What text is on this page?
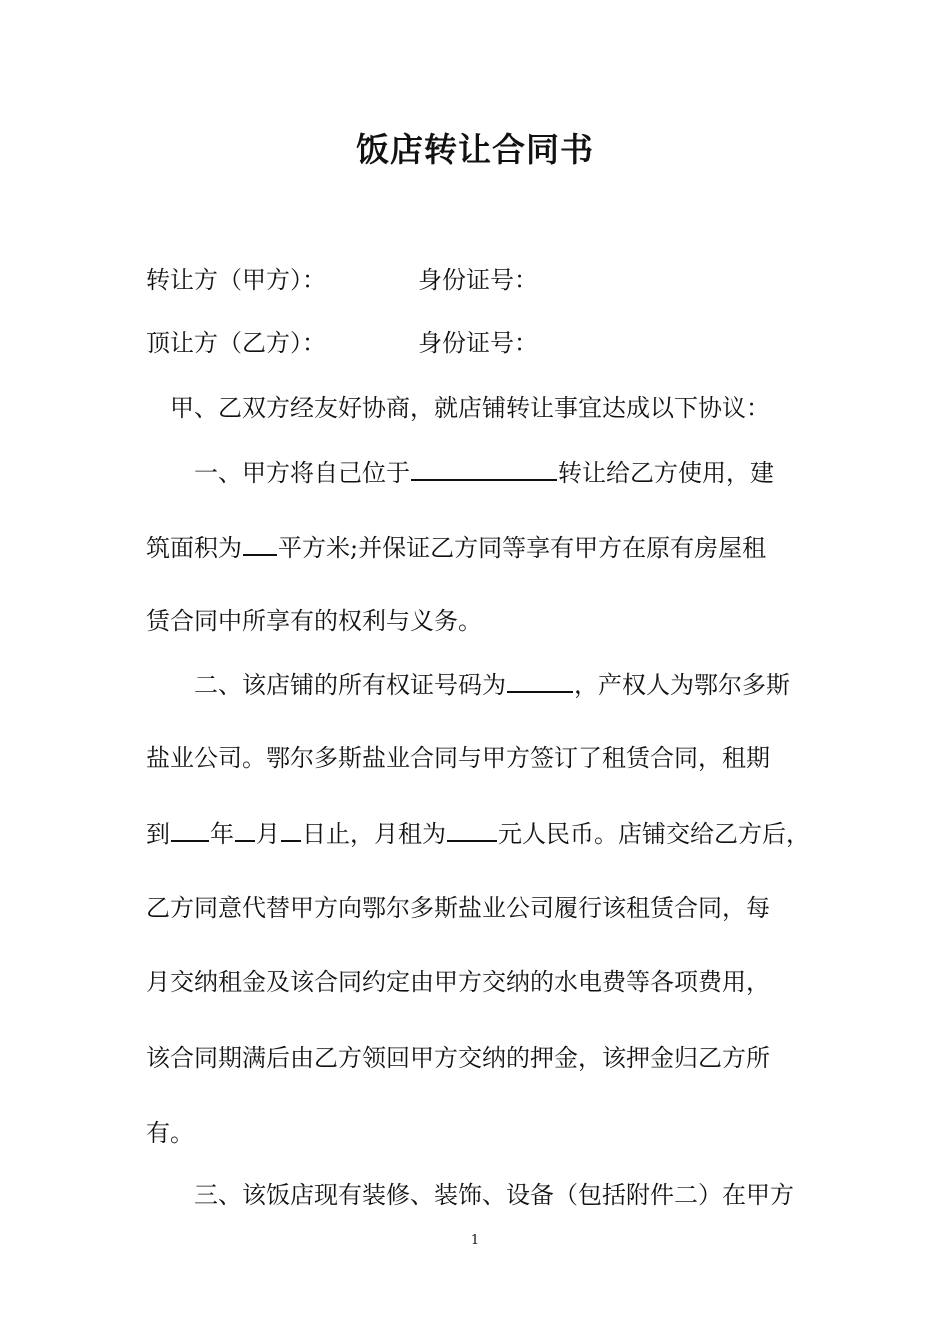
饭店转让合同书
转让方（甲方）：	身份证号：
顶让方（乙方）：	身份证号：
甲、乙双方经友好协商，就店铺转让事宜达成以下协议：
一、甲方将自己位于	转让给乙方使用，建
筑面积为 平方米;并保证乙方同等享有甲方在原有房屋租
赁合同中所享有的权利与义务。
二、该店铺的所有权证号码为	，产权人为鄂尔多斯
盐业公司。鄂尔多斯盐业合同与甲方签订了租赁合同，租期
到 年 月 日止，月租为 元人民币。店铺交给乙方后，
乙方同意代替甲方向鄂尔多斯盐业公司履行该租赁合同，每
月交纳租金及该合同约定由甲方交纳的水电费等各项费用，
该合同期满后由乙方领回甲方交纳的押金，该押金归乙方所
有。
三、该饭店现有装修、装饰、设备（包括附件二）在甲方
1
